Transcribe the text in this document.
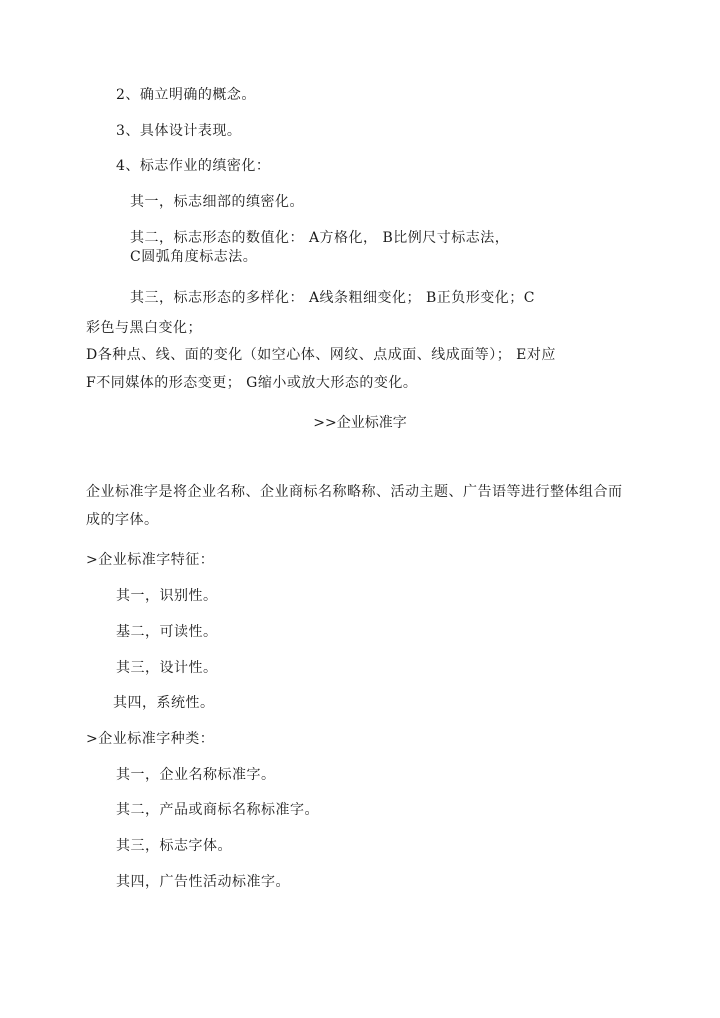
2、确立明确的概念。
3、具体设计表现。
4、标志作业的缜密化：
其一，标志细部的缜密化。
其二，标志形态的数值化： A方格化， B比例尺寸标志法，
C圆弧角度标志法。
其三，标志形态的多样化： A线条粗细变化； B正负形变化；C
彩色与黑白变化；
D各种点、线、面的变化（如空心体、网纹、点成面、线成面等）； E对应
F不同媒体的形态变更； G缩小或放大形态的变化。
>>企业标准字
企业标准字是将企业名称、企业商标名称略称、活动主题、广告语等进行整体组合而
成的字体。
>企业标准字特征：
其一，识别性。
基二，可读性。
其三，设计性。
其四，系统性。
>企业标准字种类：
其一，企业名称标准字。
其二，产品或商标名称标准字。
其三，标志字体。
其四，广告性活动标准字。
